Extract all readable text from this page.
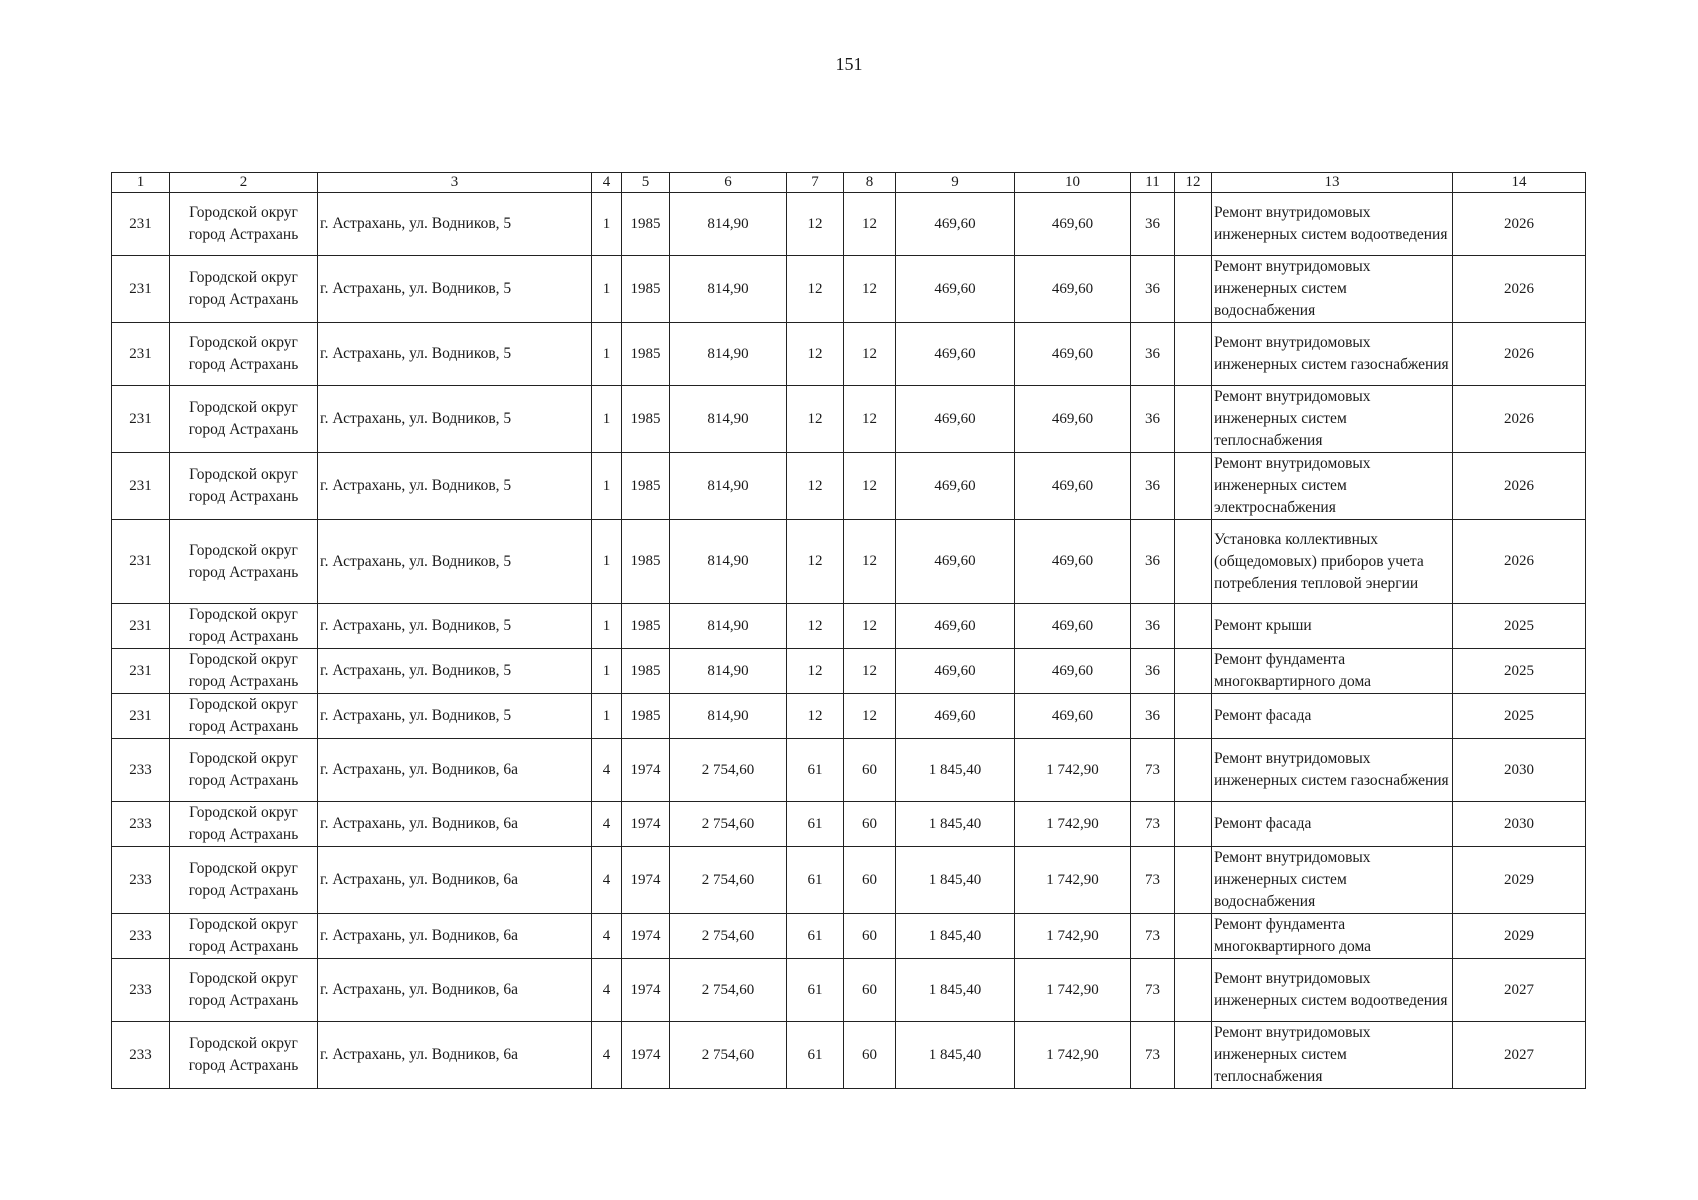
151
1	2	3	4	5	6	7	8	9	10	11	12	13	14
231	Городской округ город Астрахань	г. Астрахань, ул. Водников, 5	1	1985	814,90	12	12	469,60	469,60	36		Ремонт внутридомовых инженерных систем водоотведения	2026
231	Городской округ город Астрахань	г. Астрахань, ул. Водников, 5	1	1985	814,90	12	12	469,60	469,60	36		Ремонт внутридомовых инженерных систем водоснабжения	2026
231	Городской округ город Астрахань	г. Астрахань, ул. Водников, 5	1	1985	814,90	12	12	469,60	469,60	36		Ремонт внутридомовых инженерных систем газоснабжения	2026
231	Городской округ город Астрахань	г. Астрахань, ул. Водников, 5	1	1985	814,90	12	12	469,60	469,60	36		Ремонт внутридомовых инженерных систем теплоснабжения	2026
231	Городской округ город Астрахань	г. Астрахань, ул. Водников, 5	1	1985	814,90	12	12	469,60	469,60	36		Ремонт внутридомовых инженерных систем электроснабжения	2026
231	Городской округ город Астрахань	г. Астрахань, ул. Водников, 5	1	1985	814,90	12	12	469,60	469,60	36		Установка коллективных (общедомовых) приборов учета потребления тепловой энергии	2026
231	Городской округ город Астрахань	г. Астрахань, ул. Водников, 5	1	1985	814,90	12	12	469,60	469,60	36		Ремонт крыши	2025
231	Городской округ город Астрахань	г. Астрахань, ул. Водников, 5	1	1985	814,90	12	12	469,60	469,60	36		Ремонт фундамента многоквартирного дома	2025
231	Городской округ город Астрахань	г. Астрахань, ул. Водников, 5	1	1985	814,90	12	12	469,60	469,60	36		Ремонт фасада	2025
233	Городской округ город Астрахань	г. Астрахань, ул. Водников, 6а	4	1974	2 754,60	61	60	1 845,40	1 742,90	73		Ремонт внутридомовых инженерных систем газоснабжения	2030
233	Городской округ город Астрахань	г. Астрахань, ул. Водников, 6а	4	1974	2 754,60	61	60	1 845,40	1 742,90	73		Ремонт фасада	2030
233	Городской округ город Астрахань	г. Астрахань, ул. Водников, 6а	4	1974	2 754,60	61	60	1 845,40	1 742,90	73		Ремонт внутридомовых инженерных систем водоснабжения	2029
233	Городской округ город Астрахань	г. Астрахань, ул. Водников, 6а	4	1974	2 754,60	61	60	1 845,40	1 742,90	73		Ремонт фундамента многоквартирного дома	2029
233	Городской округ город Астрахань	г. Астрахань, ул. Водников, 6а	4	1974	2 754,60	61	60	1 845,40	1 742,90	73		Ремонт внутридомовых инженерных систем водоотведения	2027
233	Городской округ город Астрахань	г. Астрахань, ул. Водников, 6а	4	1974	2 754,60	61	60	1 845,40	1 742,90	73		Ремонт внутридомовых инженерных систем теплоснабжения	2027
